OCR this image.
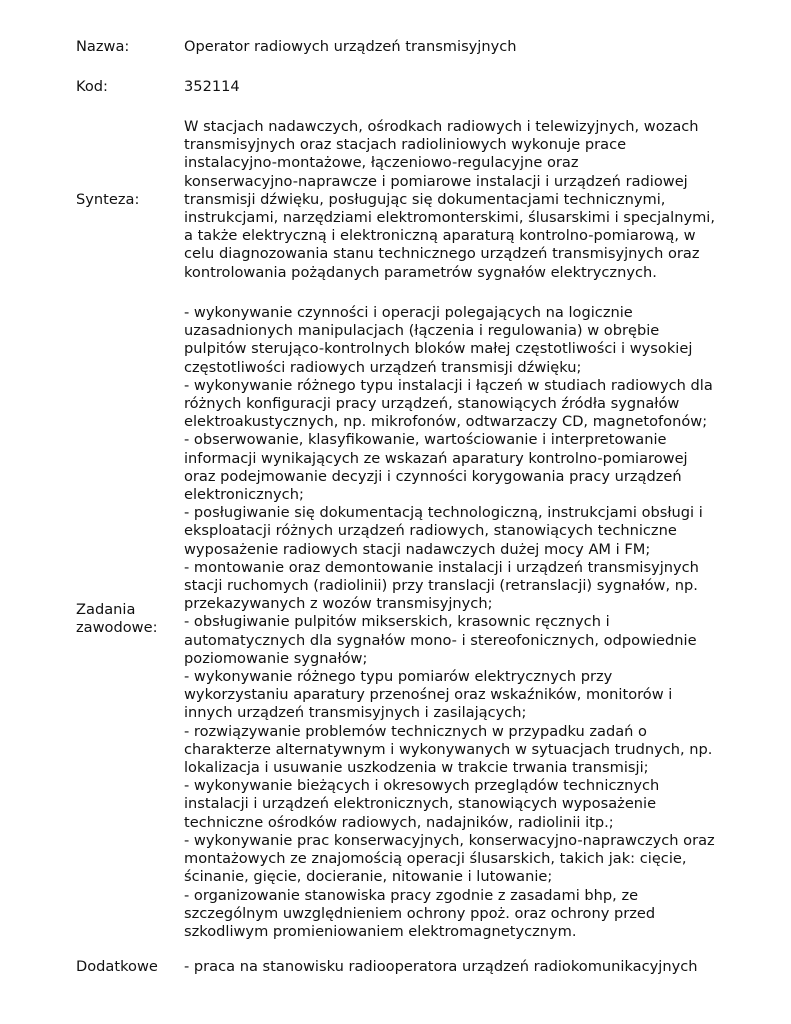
Nazwa:	Operator radiowych urządzeń transmisyjnych
Kod:	352114
Synteza:
W stacjach nadawczych, ośrodkach radiowych i telewizyjnych, wozach
transmisyjnych oraz stacjach radioliniowych wykonuje prace
instalacyjno-montażowe, łączeniowo-regulacyjne oraz
konserwacyjno-naprawcze i pomiarowe instalacji i urządzeń radiowej
transmisji dźwięku, posługując się dokumentacjami technicznymi,
instrukcjami, narzędziami elektromonterskimi, ślusarskimi i specjalnymi,
a także elektryczną i elektroniczną aparaturą kontrolno-pomiarową, w
celu diagnozowania stanu technicznego urządzeń transmisyjnych oraz
kontrolowania pożądanych parametrów sygnałów elektrycznych.
Zadania
zawodowe:
- wykonywanie czynności i operacji polegających na logicznie
uzasadnionych manipulacjach (łączenia i regulowania) w obrębie
pulpitów sterująco-kontrolnych bloków małej częstotliwości i wysokiej
częstotliwości radiowych urządzeń transmisji dźwięku;
- wykonywanie różnego typu instalacji i łączeń w studiach radiowych dla
różnych konfiguracji pracy urządzeń, stanowiących źródła sygnałów
elektroakustycznych, np. mikrofonów, odtwarzaczy CD, magnetofonów;
- obserwowanie, klasyfikowanie, wartościowanie i interpretowanie
informacji wynikających ze wskazań aparatury kontrolno-pomiarowej
oraz podejmowanie decyzji i czynności korygowania pracy urządzeń
elektronicznych;
- posługiwanie się dokumentacją technologiczną, instrukcjami obsługi i
eksploatacji różnych urządzeń radiowych, stanowiących techniczne
wyposażenie radiowych stacji nadawczych dużej mocy AM i FM;
- montowanie oraz demontowanie instalacji i urządzeń transmisyjnych
stacji ruchomych (radiolinii) przy translacji (retranslacji) sygnałów, np.
przekazywanych z wozów transmisyjnych;
- obsługiwanie pulpitów mikserskich, krasownic ręcznych i
automatycznych dla sygnałów mono- i stereofonicznych, odpowiednie
poziomowanie sygnałów;
- wykonywanie różnego typu pomiarów elektrycznych przy
wykorzystaniu aparatury przenośnej oraz wskaźników, monitorów i
innych urządzeń transmisyjnych i zasilających;
- rozwiązywanie problemów technicznych w przypadku zadań o
charakterze alternatywnym i wykonywanych w sytuacjach trudnych, np.
lokalizacja i usuwanie uszkodzenia w trakcie trwania transmisji;
- wykonywanie bieżących i okresowych przeglądów technicznych
instalacji i urządzeń elektronicznych, stanowiących wyposażenie
techniczne ośrodków radiowych, nadajników, radiolinii itp.;
- wykonywanie prac konserwacyjnych, konserwacyjno-naprawczych oraz
montażowych ze znajomością operacji ślusarskich, takich jak: cięcie,
ścinanie, gięcie, docieranie, nitowanie i lutowanie;
- organizowanie stanowiska pracy zgodnie z zasadami bhp, ze
szczególnym uwzględnieniem ochrony ppoż. oraz ochrony przed
szkodliwym promieniowaniem elektromagnetycznym.
Dodatkowe	- praca na stanowisku radiooperatora urządzeń radiokomunikacyjnych
